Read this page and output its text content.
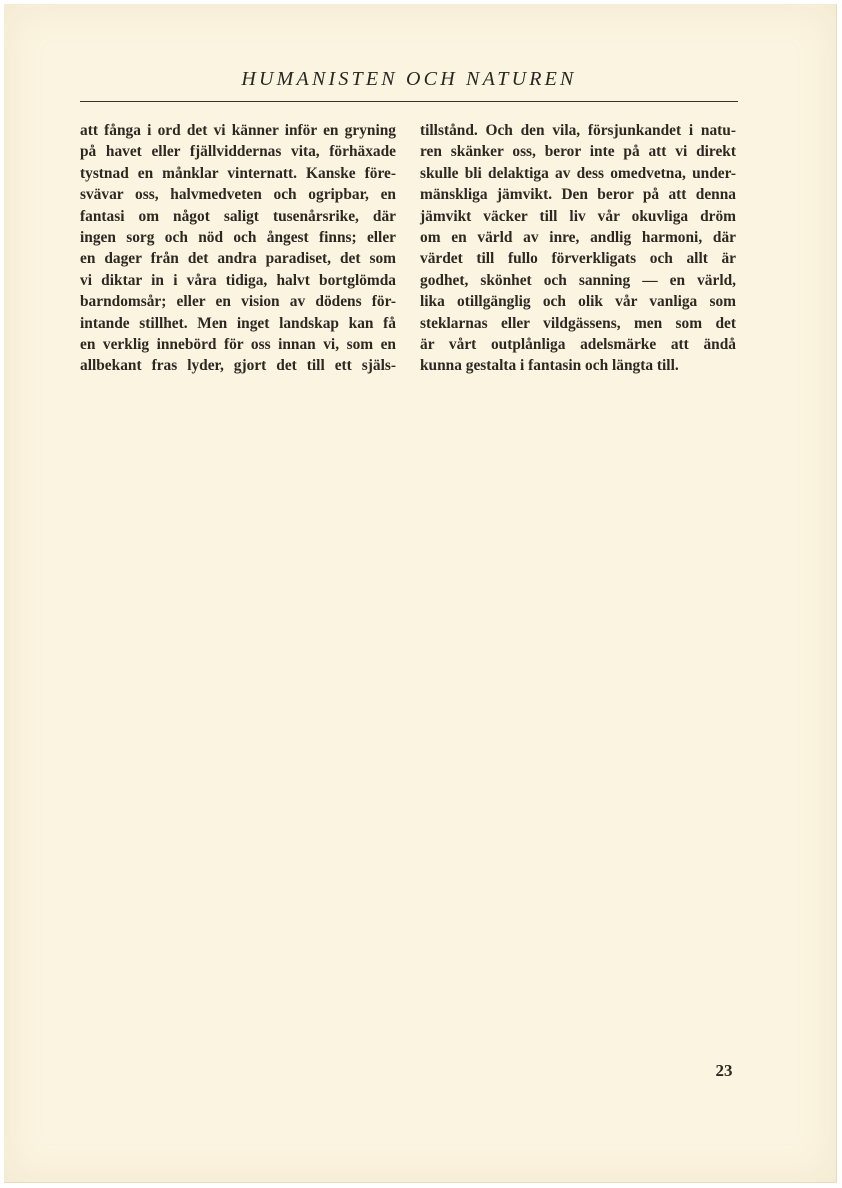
HUMANISTEN OCH NATUREN
att fånga i ord det vi känner inför en gryning
på havet eller fjällviddernas vita, förhäxade
tystnad en månklar vinternatt. Kanske före-
svävar oss, halvmedveten och ogripbar, en
fantasi om något saligt tusenårsrike, där
ingen sorg och nöd och ångest finns; eller
en dager från det andra paradiset, det som
vi diktar in i våra tidiga, halvt bortglömda
barndomsår; eller en vision av dödens för-
intande stillhet. Men inget landskap kan få
en verklig innebörd för oss innan vi, som en
allbekant fras lyder, gjort det till ett själs-
tillstånd. Och den vila, försjunkandet i natu-
ren skänker oss, beror inte på att vi direkt
skulle bli delaktiga av dess omedvetna, under-
mänskliga jämvikt. Den beror på att denna
jämvikt väcker till liv vår okuvliga dröm
om en värld av inre, andlig harmoni, där
värdet till fullo förverkligats och allt är
godhet, skönhet och sanning — en värld,
lika otillgänglig och olik vår vanliga som
steklarnas eller vildgässens, men som det
är vårt outplånliga adelsmärke att ändå
kunna gestalta i fantasin och längta till.
23
